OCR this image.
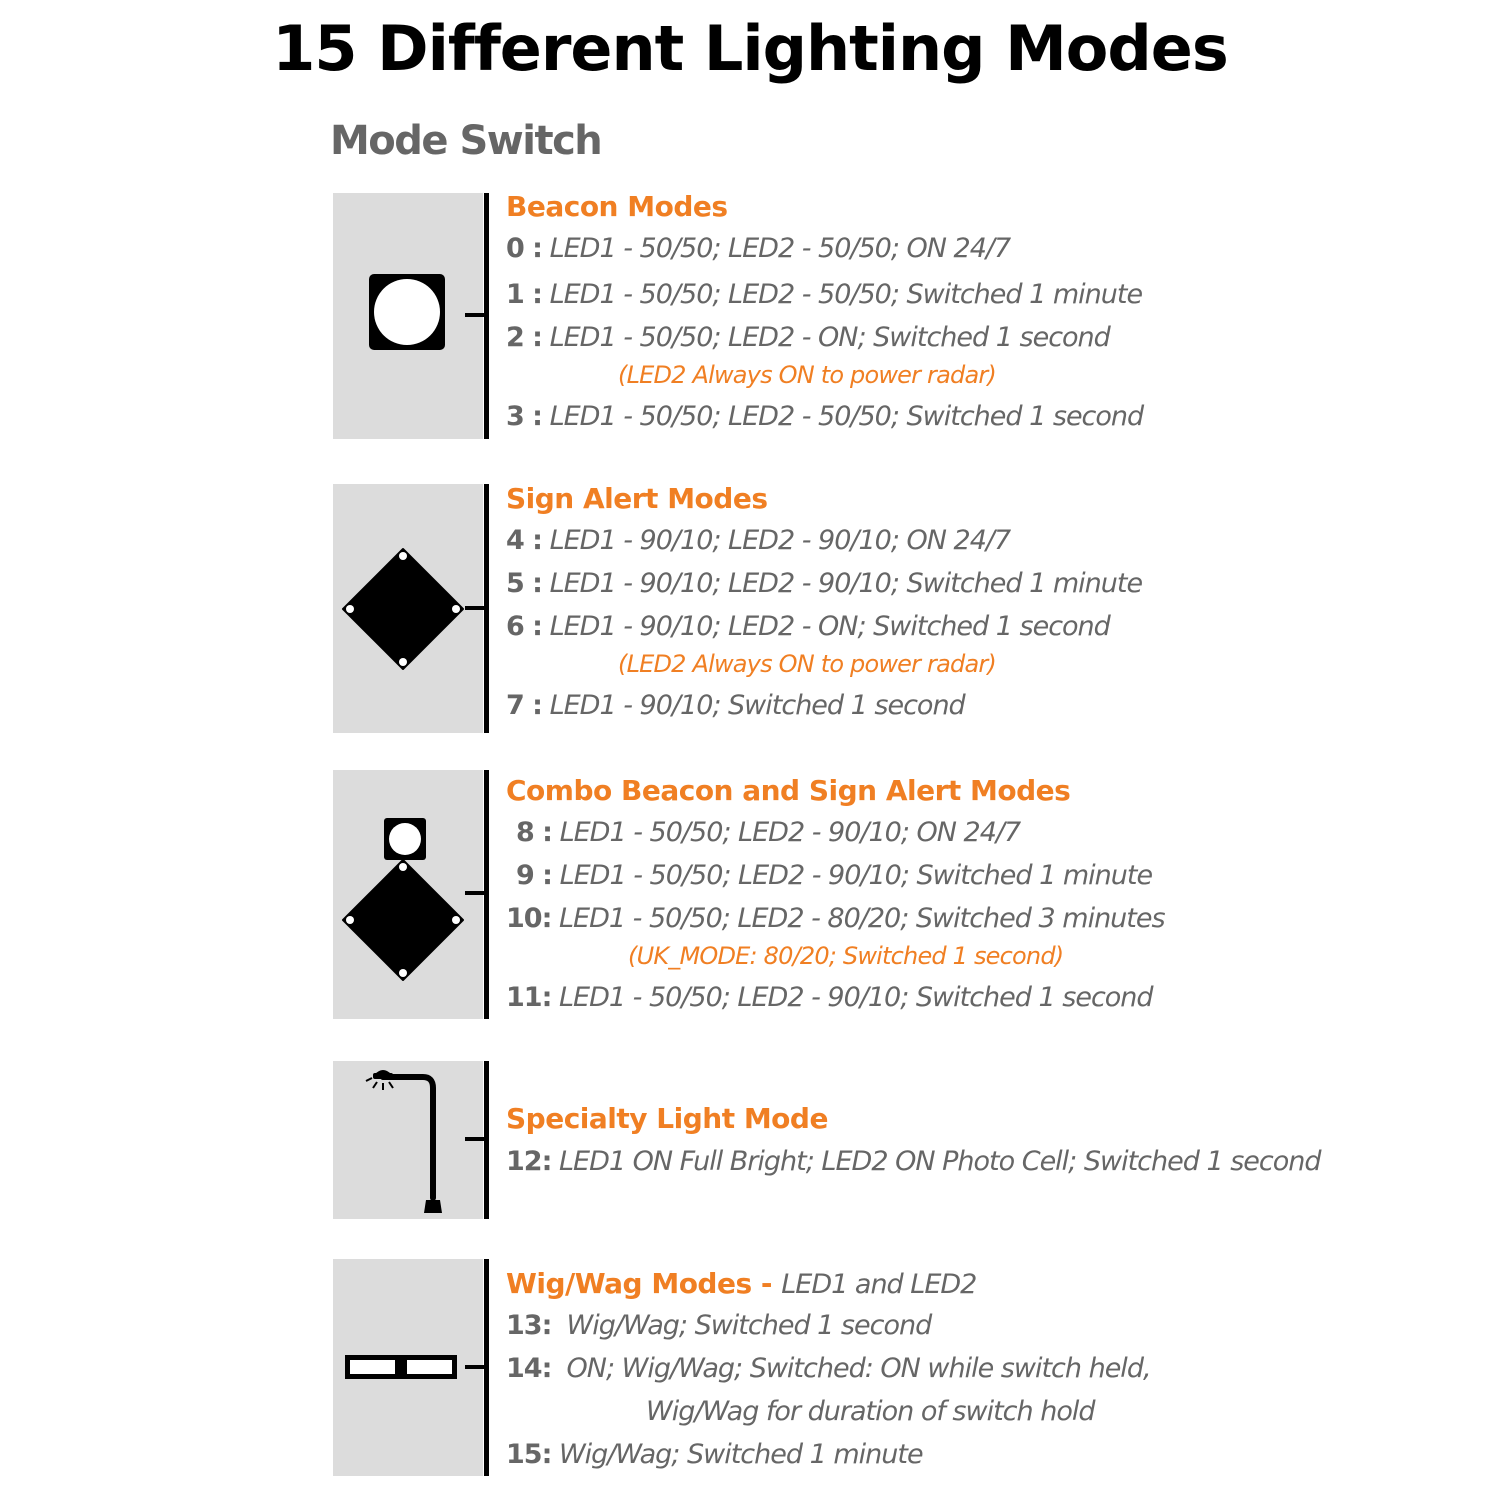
15 Different Lighting Modes
Mode Switch
Beacon Modes
0 : LED1 - 50/50; LED2 - 50/50; ON 24/7
1 : LED1 - 50/50; LED2 - 50/50; Switched 1 minute
2 : LED1 - 50/50; LED2 - ON; Switched 1 second
(LED2 Always ON to power radar)
3 : LED1 - 50/50; LED2 - 50/50; Switched 1 second
Sign Alert Modes
4 : LED1 - 90/10; LED2 - 90/10; ON 24/7
5 : LED1 - 90/10; LED2 - 90/10; Switched 1 minute
6 : LED1 - 90/10; LED2 - ON; Switched 1 second
(LED2 Always ON to power radar)
7 : LED1 - 90/10; Switched 1 second
Combo Beacon and Sign Alert Modes
8 : LED1 - 50/50; LED2 - 90/10; ON 24/7
9 : LED1 - 50/50; LED2 - 90/10; Switched 1 minute
10: LED1 - 50/50; LED2 - 80/20; Switched 3 minutes
(UK_MODE: 80/20; Switched 1 second)
11: LED1 - 50/50; LED2 - 90/10; Switched 1 second
Specialty Light Mode
12: LED1 ON Full Bright; LED2 ON Photo Cell; Switched 1 second
Wig/Wag Modes - LED1 and LED2
13: Wig/Wag; Switched 1 second
14: ON; Wig/Wag; Switched: ON while switch held,
Wig/Wag for duration of switch hold
15: Wig/Wag; Switched 1 minute
